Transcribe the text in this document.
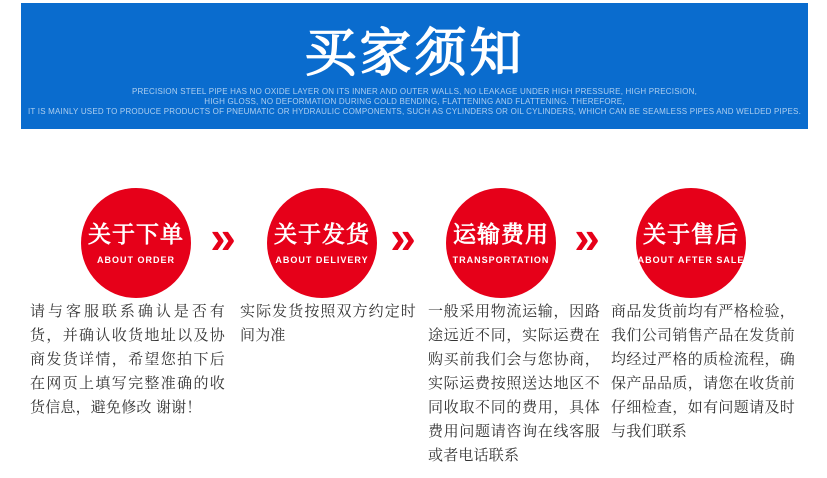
买家须知
PRECISION STEEL PIPE HAS NO OXIDE LAYER ON ITS INNER AND OUTER WALLS, NO LEAKAGE UNDER HIGH PRESSURE, HIGH PRECISION,
HIGH GLOSS, NO DEFORMATION DURING COLD BENDING, FLATTENING AND FLATTENING. THEREFORE,
IT IS MAINLY USED TO PRODUCE PRODUCTS OF PNEUMATIC OR HYDRAULIC COMPONENTS, SUCH AS CYLINDERS OR OIL CYLINDERS, WHICH CAN BE SEAMLESS PIPES AND WELDED PIPES.
关于下单
ABOUT ORDER »	关于发货
ABOUT DELIVERY »	运输费用
TRANSPORTATION »	关于售后
ABOUT AFTER SALE
请与客服联系确认是否有货，并确认收货地址以及协商发货详情，希望您拍下后在网页上填写完整准确的收货信息，避免修改 谢谢！
实际发货按照双方约定时间为准
一般采用物流运输，因路途远近不同，实际运费在购买前我们会与您协商，实际运费按照送达地区不同收取不同的费用，具体费用问题请咨询在线客服或者电话联系
商品发货前均有严格检验，我们公司销售产品在发货前均经过严格的质检流程，确保产品品质，请您在收货前仔细检查，如有问题请及时与我们联系
